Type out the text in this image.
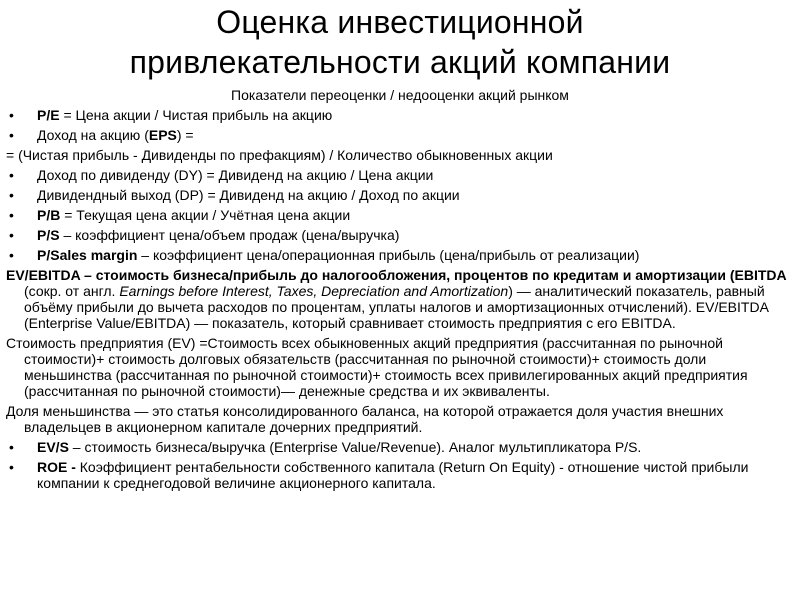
Оценка инвестиционной
привлекательности акций компании
Показатели переоценки / недооценки акций рынком
• P/E = Цена акции / Чистая прибыль на акцию
• Доход на акцию (EPS) =
= (Чистая прибыль - Дивиденды по префакциям) / Количество обыкновенных акции
• Доход по дивиденду (DY) = Дивиденд на акцию / Цена акции
• Дивидендный выход (DP) = Дивиденд на акцию / Доход по акции
• P/B = Текущая цена акции / Учётная цена акции
• P/S – коэффициент цена/объем продаж (цена/выручка)
• P/Sales margin – коэффициент цена/операционная прибыль (цена/прибыль от реализации)
EV/EBITDA – стоимость бизнеса/прибыль до налогообложения, процентов по кредитам и амортизации (EBITDA (сокр. от англ. Earnings before Interest, Taxes, Depreciation and Amortization) — аналитический показатель, равный объёму прибыли до вычета расходов по процентам, уплаты налогов и амортизационных отчислений). EV/EBITDA (Enterprise Value/EBITDA) — показатель, который сравнивает стоимость предприятия с его EBITDA.
Стоимость предприятия (EV) =Стоимость всех обыкновенных акций предприятия (рассчитанная по рыночной стоимости)+ стоимость долговых обязательств (рассчитанная по рыночной стоимости)+ стоимость доли меньшинства (рассчитанная по рыночной стоимости)+ стоимость всех привилегированных акций предприятия (рассчитанная по рыночной стоимости)— денежные средства и их эквиваленты.
Доля меньшинства — это статья консолидированного баланса, на которой отражается доля участия внешних владельцев в акционерном капитале дочерних предприятий.
• EV/S – стоимость бизнеса/выручка (Enterprise Value/Revenue). Аналог мультипликатора P/S.
• ROE - Коэффициент рентабельности собственного капитала (Return On Equity) - отношение чистой прибыли компании к среднегодовой величине акционерного капитала.
